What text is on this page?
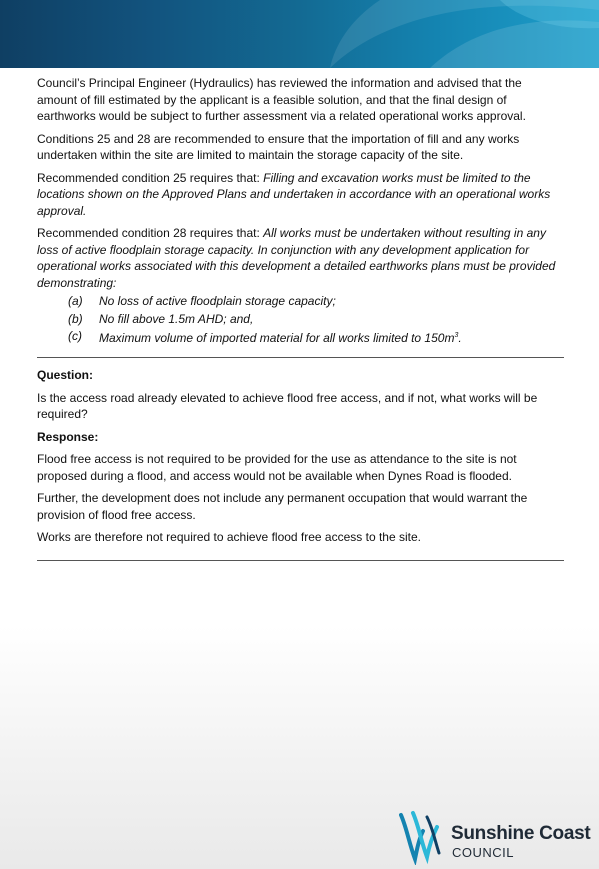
Council’s Principal Engineer (Hydraulics) has reviewed the information and advised that the amount of fill estimated by the applicant is a feasible solution, and that the final design of earthworks would be subject to further assessment via a related operational works approval.

Conditions 25 and 28 are recommended to ensure that the importation of fill and any works undertaken within the site are limited to maintain the storage capacity of the site.

Recommended condition 25 requires that: Filling and excavation works must be limited to the locations shown on the Approved Plans and undertaken in accordance with an operational works approval.

Recommended condition 28 requires that: All works must be undertaken without resulting in any loss of active floodplain storage capacity. In conjunction with any development application for operational works associated with this development a detailed earthworks plans must be provided demonstrating:

(a) No loss of active floodplain storage capacity;
(b) No fill above 1.5m AHD; and,
(c) Maximum volume of imported material for all works limited to $150m^3$.
Question:

Is the access road already elevated to achieve flood free access, and if not, what works will be required?

Response:

Flood free access is not required to be provided for the use as attendance to the site is not proposed during a flood, and access would not be available when Dynes Road is flooded.

Further, the development does not include any permanent occupation that would warrant the provision of flood free access.

Works are therefore not required to achieve flood free access to the site.

Sunshine Coast
COUNCIL
